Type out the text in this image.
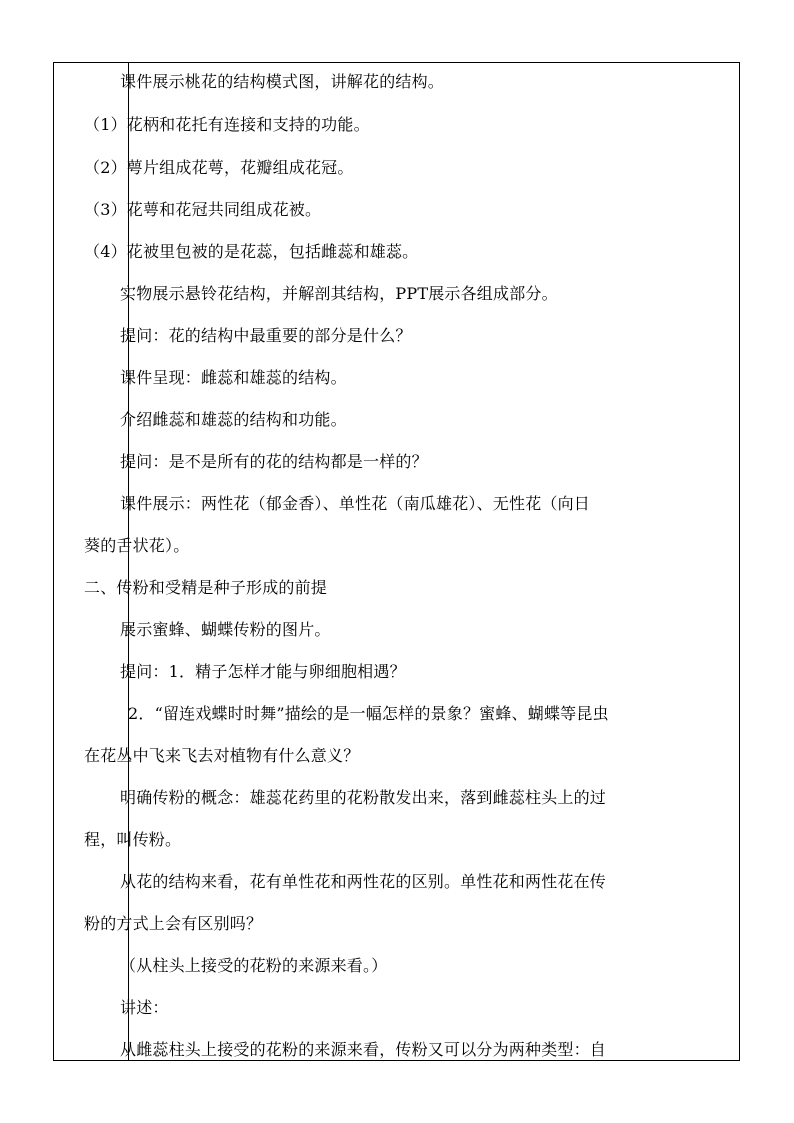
课件展示桃花的结构模式图，讲解花的结构。
（1）花柄和花托有连接和支持的功能。
（2）萼片组成花萼，花瓣组成花冠。
（3）花萼和花冠共同组成花被。
（4）花被里包被的是花蕊，包括雌蕊和雄蕊。
实物展示悬铃花结构，并解剖其结构，PPT展示各组成部分。
提问：花的结构中最重要的部分是什么？
课件呈现：雌蕊和雄蕊的结构。
介绍雌蕊和雄蕊的结构和功能。
提问：是不是所有的花的结构都是一样的？
课件展示：两性花（郁金香）、单性花（南瓜雄花）、无性花（向日
葵的舌状花）。
二、传粉和受精是种子形成的前提
展示蜜蜂、蝴蝶传粉的图片。
提问：1．精子怎样才能与卵细胞相遇？
2．“留连戏蝶时时舞”描绘的是一幅怎样的景象？蜜蜂、蝴蝶等昆虫
在花丛中飞来飞去对植物有什么意义？
明确传粉的概念：雄蕊花药里的花粉散发出来，落到雌蕊柱头上的过
程，叫传粉。
从花的结构来看，花有单性花和两性花的区别。单性花和两性花在传
粉的方式上会有区别吗？
（从柱头上接受的花粉的来源来看。）
讲述：
从雌蕊柱头上接受的花粉的来源来看，传粉又可以分为两种类型：自
